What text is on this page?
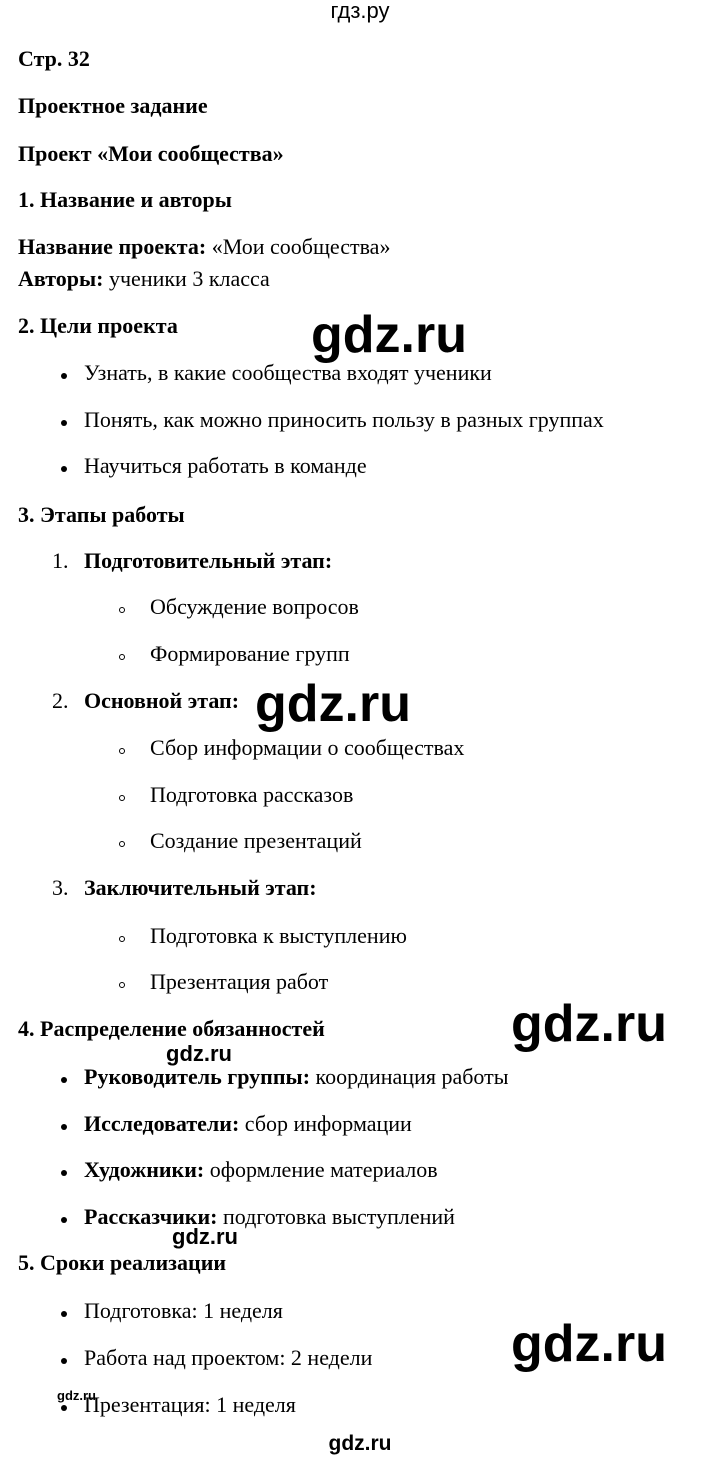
гдз.ру
Стр. 32
Проектное задание
Проект «Мои сообщества»
1. Название и авторы
Название проекта: «Мои сообщества»
Авторы: ученики 3 класса
2. Цели проекта
Узнать, в какие сообщества входят ученики
Понять, как можно приносить пользу в разных группах
Научиться работать в команде
3. Этапы работы
1. Подготовительный этап:
Обсуждение вопросов
Формирование групп
2. Основной этап:
Сбор информации о сообществах
Подготовка рассказов
Создание презентаций
3. Заключительный этап:
Подготовка к выступлению
Презентация работ
4. Распределение обязанностей
Руководитель группы: координация работы
Исследователи: сбор информации
Художники: оформление материалов
Рассказчики: подготовка выступлений
5. Сроки реализации
Подготовка: 1 неделя
Работа над проектом: 2 недели
Презентация: 1 неделя
gdz.ru
gdz.ru
gdz.ru
gdz.ru
gdz.ru
gdz.ru
gdz.ru
gdz.ru
